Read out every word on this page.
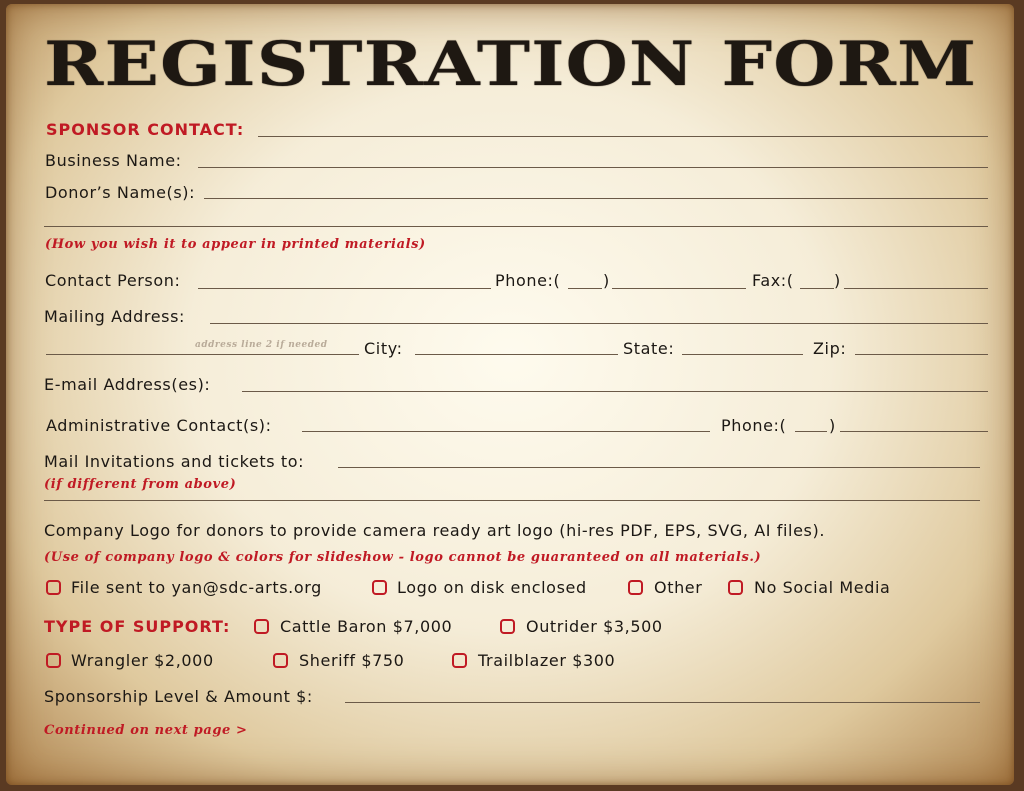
REGISTRATION FORM
SPONSOR CONTACT:
Business Name:
Donor’s Name(s):
(How you wish it to appear in printed materials)
Contact Person:	Phone:(	)	Fax:(	)
Mailing Address:
address line 2 if needed City:	State:	Zip:
E-mail Address(es):
Administrative Contact(s):	Phone:(	)
Mail Invitations and tickets to:
(if different from above)
Company Logo for donors to provide camera ready art logo (hi-res PDF, EPS, SVG, AI files).
(Use of company logo & colors for slideshow - logo cannot be guaranteed on all materials.)
File sent to yan@sdc-arts.org	Logo on disk enclosed	Other	No Social Media
TYPE OF SUPPORT:	Cattle Baron $7,000	Outrider $3,500
Wrangler $2,000	Sheriff $750	Trailblazer $300
Sponsorship Level & Amount $:
Continued on next page >
